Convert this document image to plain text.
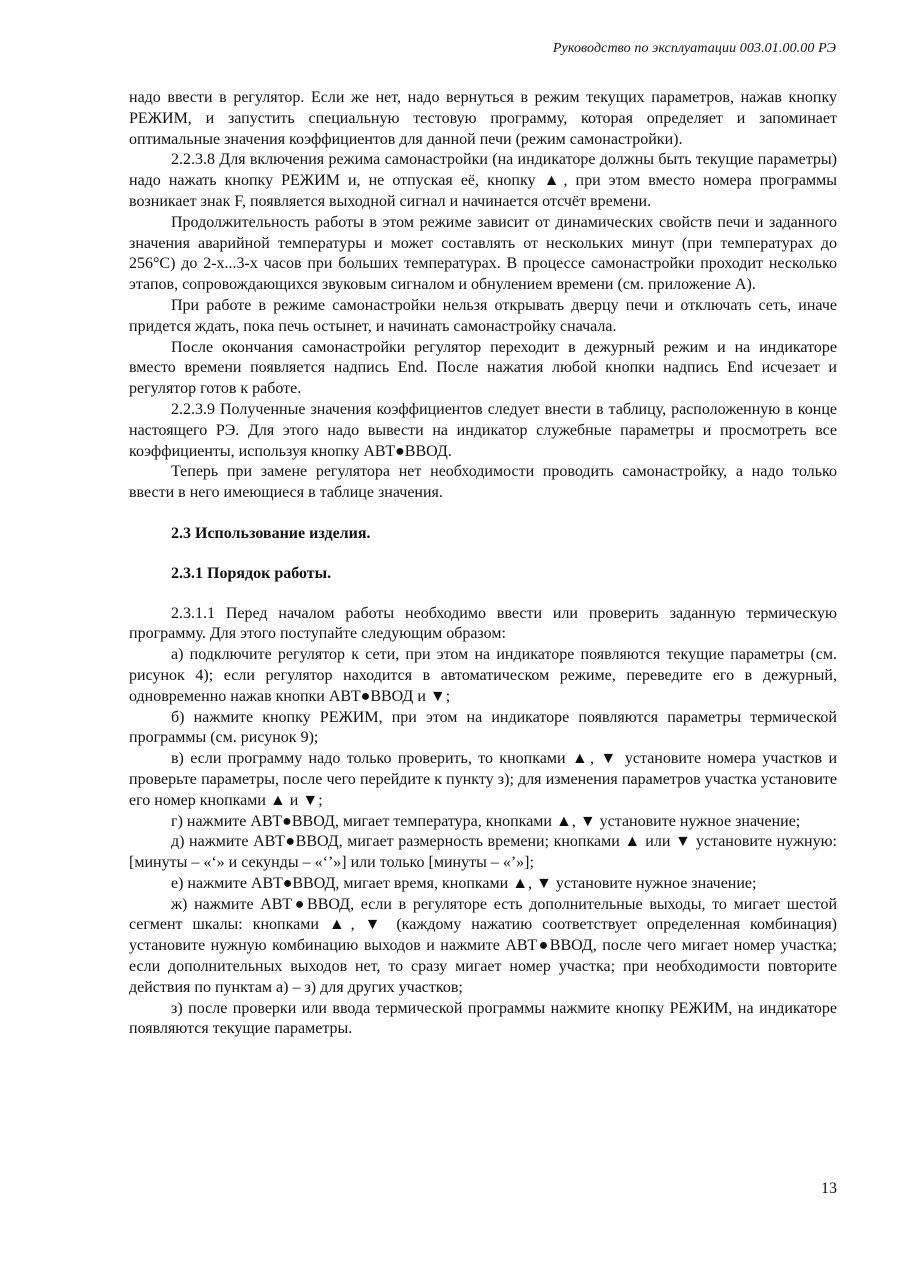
Руководство по эксплуатации 003.01.00.00 РЭ

надо ввести в регулятор. Если же нет, надо вернуться в режим текущих параметров, нажав кнопку РЕЖИМ, и запустить специальную тестовую программу, которая определяет и запоминает оптимальные значения коэффициентов для данной печи (режим самонастройки).

2.2.3.8 Для включения режима самонастройки (на индикаторе должны быть текущие параметры) надо нажать кнопку РЕЖИМ и, не отпуская её, кнопку ▲, при этом вместо номера программы возникает знак F, появляется выходной сигнал и начинается отсчёт времени.

Продолжительность работы в этом режиме зависит от динамических свойств печи и заданного значения аварийной температуры и может составлять от нескольких минут (при температурах до 256°С) до 2-х...3-х часов при больших температурах. В процессе самонастройки проходит несколько этапов, сопровождающихся звуковым сигналом и обнулением времени (см. приложение А).

При работе в режиме самонастройки нельзя открывать дверцу печи и отключать сеть, иначе придется ждать, пока печь остынет, и начинать самонастройку сначала.

После окончания самонастройки регулятор переходит в дежурный режим и на индикаторе вместо времени появляется надпись End. После нажатия любой кнопки надпись End исчезает и регулятор готов к работе.

2.2.3.9 Полученные значения коэффициентов следует внести в таблицу, расположенную в конце настоящего РЭ. Для этого надо вывести на индикатор служебные параметры и просмотреть все коэффициенты, используя кнопку АВТ●ВВОД.

Теперь при замене регулятора нет необходимости проводить самонастройку, а надо только ввести в него имеющиеся в таблице значения.

2.3 Использование изделия.

2.3.1 Порядок работы.

2.3.1.1 Перед началом работы необходимо ввести или проверить заданную термическую программу. Для этого поступайте следующим образом:

а) подключите регулятор к сети, при этом на индикаторе появляются текущие параметры (см. рисунок 4); если регулятор находится в автоматическом режиме, переведите его в дежурный, одновременно нажав кнопки АВТ●ВВОД и ▼;

б) нажмите кнопку РЕЖИМ, при этом на индикаторе появляются параметры термической программы (см. рисунок 9);

в) если программу надо только проверить, то кнопками ▲, ▼ установите номера участков и проверьте параметры, после чего перейдите к пункту з); для изменения параметров участка установите его номер кнопками ▲ и ▼;

г) нажмите АВТ●ВВОД, мигает температура, кнопками ▲, ▼ установите нужное значение;

д) нажмите АВТ●ВВОД, мигает размерность времени; кнопками ▲ или ▼ установите нужную: [минуты – «‘» и секунды – «‘’»] или только [минуты – «’»];

е) нажмите АВТ●ВВОД, мигает время, кнопками ▲, ▼ установите нужное значение;

ж) нажмите АВТ●ВВОД, если в регуляторе есть дополнительные выходы, то мигает шестой сегмент шкалы: кнопками ▲, ▼ (каждому нажатию соответствует определенная комбинация) установите нужную комбинацию выходов и нажмите АВТ●ВВОД, после чего мигает номер участка; если дополнительных выходов нет, то сразу мигает номер участка; при необходимости повторите действия по пунктам а) – з) для других участков;

з) после проверки или ввода термической программы нажмите кнопку РЕЖИМ, на индикаторе появляются текущие параметры.

13
